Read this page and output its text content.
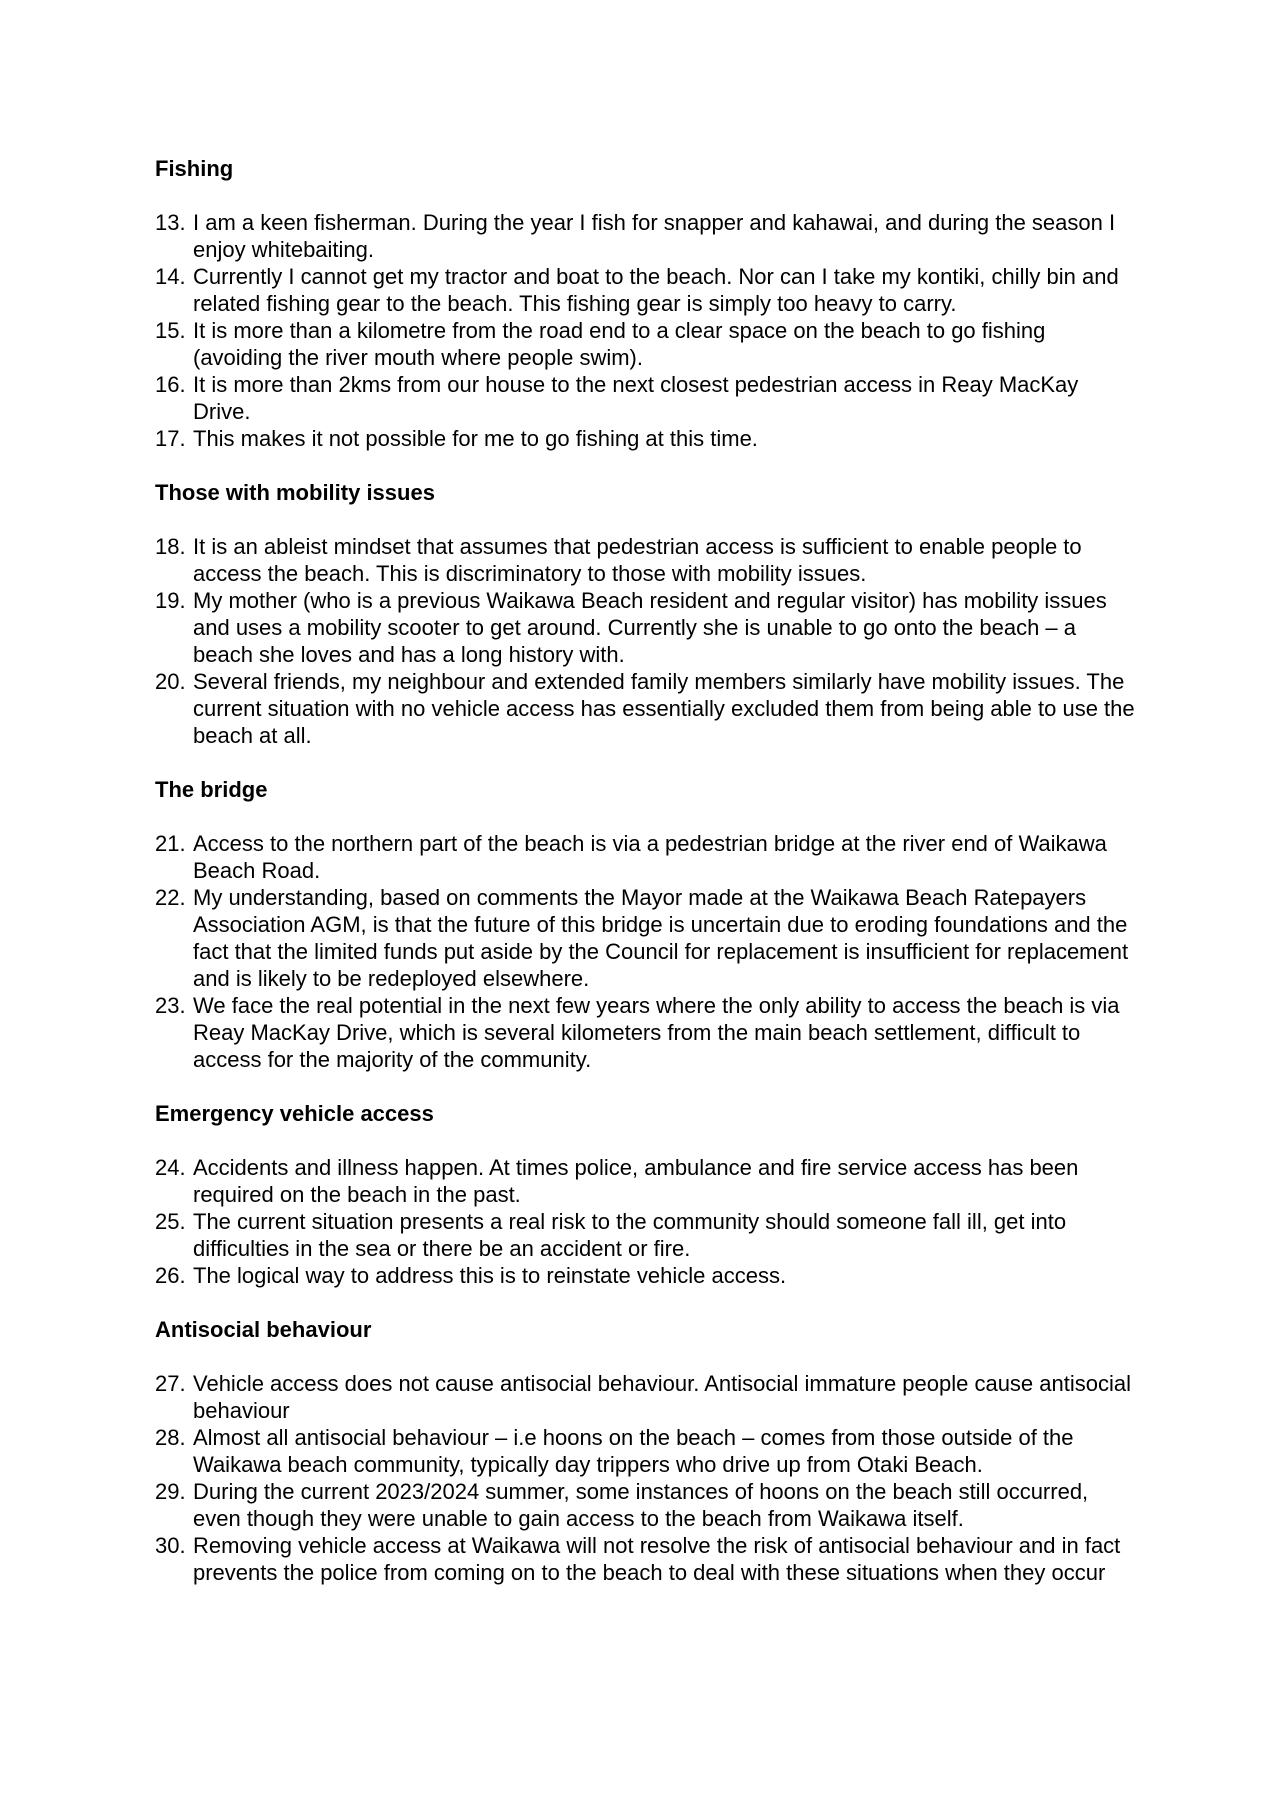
Fishing
13. I am a keen fisherman. During the year I fish for snapper and kahawai, and during the season I enjoy whitebaiting.
14. Currently I cannot get my tractor and boat to the beach. Nor can I take my kontiki, chilly bin and related fishing gear to the beach. This fishing gear is simply too heavy to carry.
15. It is more than a kilometre from the road end to a clear space on the beach to go fishing (avoiding the river mouth where people swim).
16. It is more than 2kms from our house to the next closest pedestrian access in Reay MacKay Drive.
17. This makes it not possible for me to go fishing at this time.
Those with mobility issues
18. It is an ableist mindset that assumes that pedestrian access is sufficient to enable people to access the beach. This is discriminatory to those with mobility issues.
19. My mother (who is a previous Waikawa Beach resident and regular visitor) has mobility issues and uses a mobility scooter to get around. Currently she is unable to go onto the beach – a beach she loves and has a long history with.
20. Several friends, my neighbour and extended family members similarly have mobility issues. The current situation with no vehicle access has essentially excluded them from being able to use the beach at all.
The bridge
21. Access to the northern part of the beach is via a pedestrian bridge at the river end of Waikawa Beach Road.
22. My understanding, based on comments the Mayor made at the Waikawa Beach Ratepayers Association AGM, is that the future of this bridge is uncertain due to eroding foundations and the fact that the limited funds put aside by the Council for replacement is insufficient for replacement and is likely to be redeployed elsewhere.
23. We face the real potential in the next few years where the only ability to access the beach is via Reay MacKay Drive, which is several kilometers from the main beach settlement, difficult to access for the majority of the community.
Emergency vehicle access
24. Accidents and illness happen. At times police, ambulance and fire service access has been required on the beach in the past.
25. The current situation presents a real risk to the community should someone fall ill, get into difficulties in the sea or there be an accident or fire.
26. The logical way to address this is to reinstate vehicle access.
Antisocial behaviour
27. Vehicle access does not cause antisocial behaviour. Antisocial immature people cause antisocial behaviour
28. Almost all antisocial behaviour – i.e hoons on the beach – comes from those outside of the Waikawa beach community, typically day trippers who drive up from Otaki Beach.
29. During the current 2023/2024 summer, some instances of hoons on the beach still occurred, even though they were unable to gain access to the beach from Waikawa itself.
30. Removing vehicle access at Waikawa will not resolve the risk of antisocial behaviour and in fact prevents the police from coming on to the beach to deal with these situations when they occur
